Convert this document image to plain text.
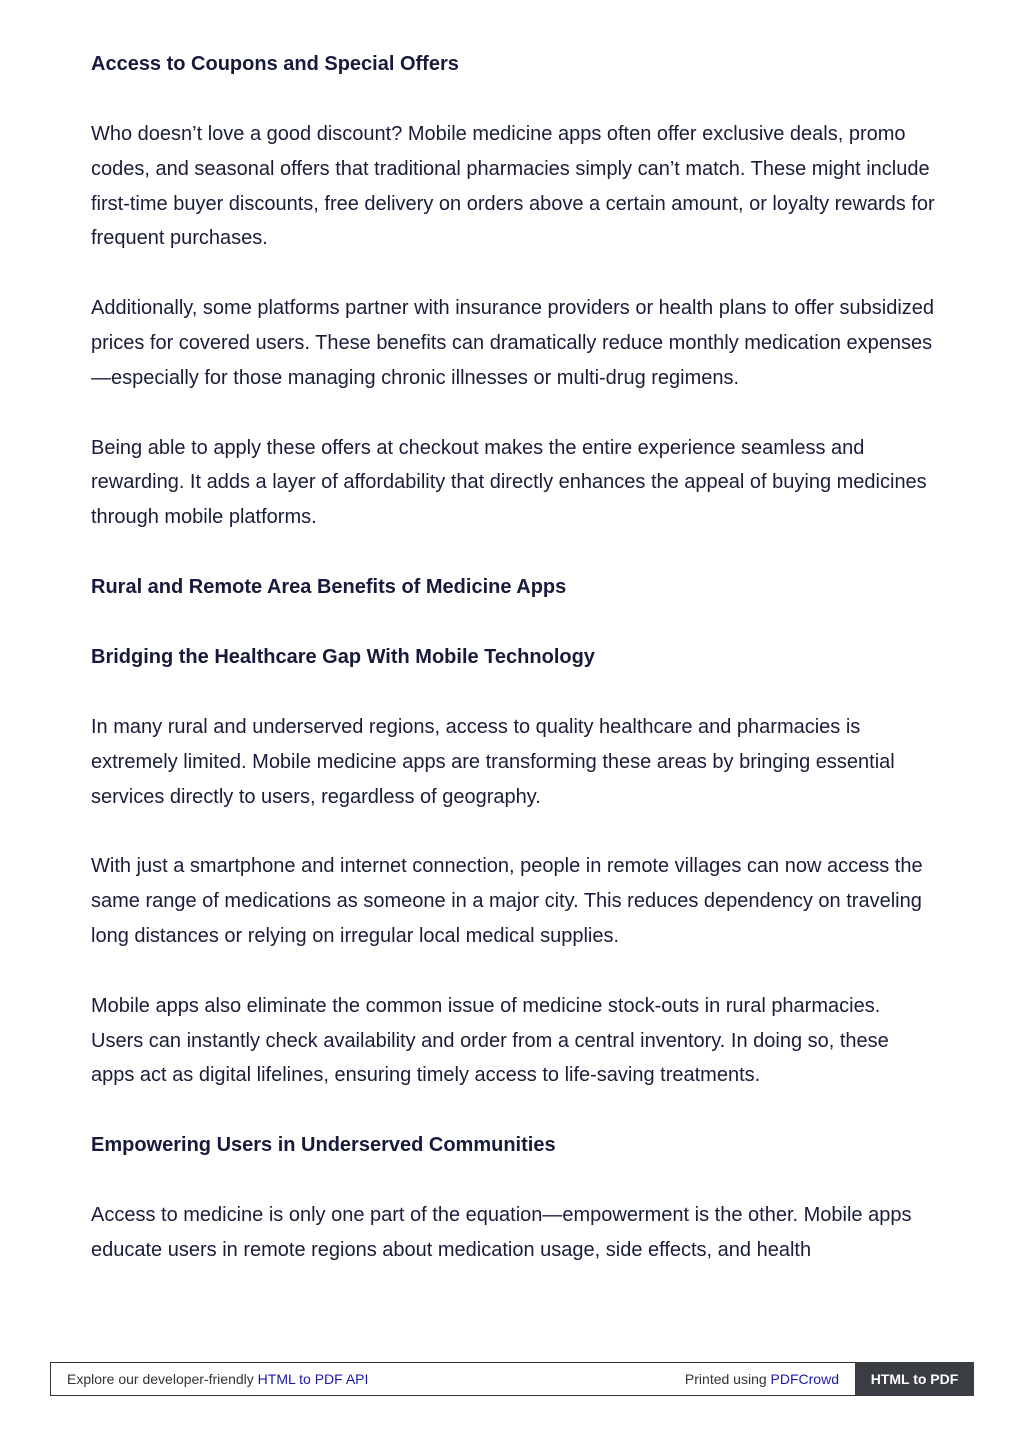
Access to Coupons and Special Offers
Who doesn’t love a good discount? Mobile medicine apps often offer exclusive deals, promo codes, and seasonal offers that traditional pharmacies simply can’t match. These might include first-time buyer discounts, free delivery on orders above a certain amount, or loyalty rewards for frequent purchases.
Additionally, some platforms partner with insurance providers or health plans to offer subsidized prices for covered users. These benefits can dramatically reduce monthly medication expenses—especially for those managing chronic illnesses or multi-drug regimens.
Being able to apply these offers at checkout makes the entire experience seamless and rewarding. It adds a layer of affordability that directly enhances the appeal of buying medicines through mobile platforms.
Rural and Remote Area Benefits of Medicine Apps
Bridging the Healthcare Gap With Mobile Technology
In many rural and underserved regions, access to quality healthcare and pharmacies is extremely limited. Mobile medicine apps are transforming these areas by bringing essential services directly to users, regardless of geography.
With just a smartphone and internet connection, people in remote villages can now access the same range of medications as someone in a major city. This reduces dependency on traveling long distances or relying on irregular local medical supplies.
Mobile apps also eliminate the common issue of medicine stock-outs in rural pharmacies. Users can instantly check availability and order from a central inventory. In doing so, these apps act as digital lifelines, ensuring timely access to life-saving treatments.
Empowering Users in Underserved Communities
Access to medicine is only one part of the equation—empowerment is the other. Mobile apps educate users in remote regions about medication usage, side effects, and health
Explore our developer-friendly HTML to PDF API	Printed using PDFCrowd	HTML to PDF
